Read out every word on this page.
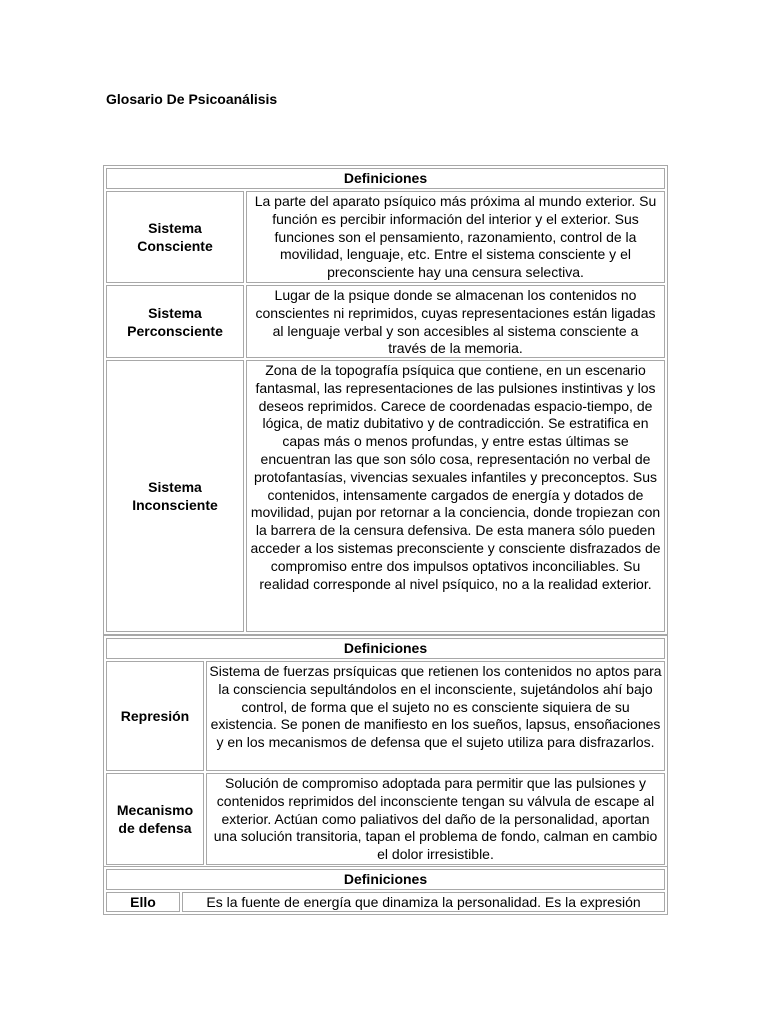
Glosario De Psicoanálisis
Definiciones
Sistema Consciente
La parte del aparato psíquico más próxima al mundo exterior. Su función es percibir información del interior y el exterior. Sus funciones son el pensamiento, razonamiento, control de la movilidad, lenguaje, etc. Entre el sistema consciente y el preconsciente hay una censura selectiva.
Sistema Perconsciente
Lugar de la psique donde se almacenan los contenidos no conscientes ni reprimidos, cuyas representaciones están ligadas al lenguaje verbal y son accesibles al sistema consciente a través de la memoria.
Sistema Inconsciente
Zona de la topografía psíquica que contiene, en un escenario fantasmal, las representaciones de las pulsiones instintivas y los deseos reprimidos. Carece de coordenadas espacio-tiempo, de lógica, de matiz dubitativo y de contradicción. Se estratifica en capas más o menos profundas, y entre estas últimas se encuentran las que son sólo cosa, representación no verbal de protofantasías, vivencias sexuales infantiles y preconceptos. Sus contenidos, intensamente cargados de energía y dotados de movilidad, pujan por retornar a la conciencia, donde tropiezan con la barrera de la censura defensiva. De esta manera sólo pueden acceder a los sistemas preconsciente y consciente disfrazados de compromiso entre dos impulsos optativos inconciliables. Su realidad corresponde al nivel psíquico, no a la realidad exterior.
Definiciones
Represión
Sistema de fuerzas prsíquicas que retienen los contenidos no aptos para la consciencia sepultándolos en el inconsciente, sujetándolos ahí bajo control, de forma que el sujeto no es consciente siquiera de su existencia. Se ponen de manifiesto en los sueños, lapsus, ensoñaciones y en los mecanismos de defensa que el sujeto utiliza para disfrazarlos.
Mecanismo de defensa
Solución de compromiso adoptada para permitir que las pulsiones y contenidos reprimidos del inconsciente tengan su válvula de escape al exterior. Actúan como paliativos del daño de la personalidad, aportan una solución transitoria, tapan el problema de fondo, calman en cambio el dolor irresistible.
Definiciones
Ello	Es la fuente de energía que dinamiza la personalidad. Es la expresión
